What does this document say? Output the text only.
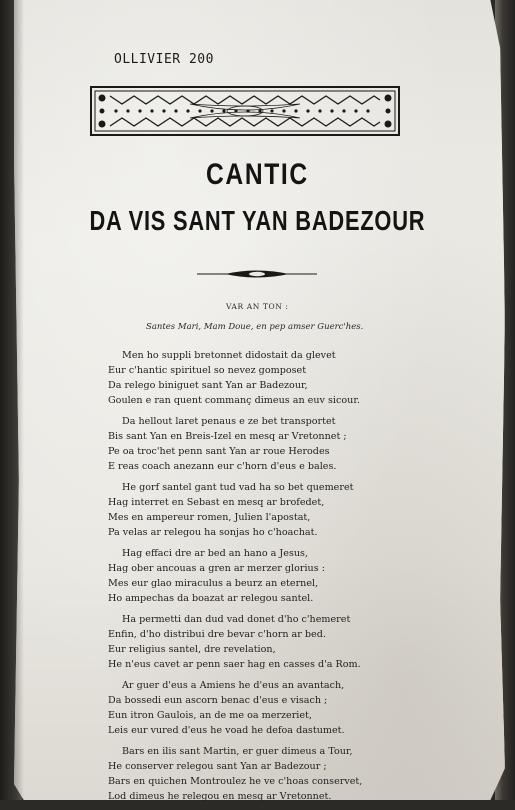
OLLIVIER 200
CANTIC
DA VIS SANT YAN BADEZOUR
VAR AN TON :
Santes Mari, Mam Doue, en pep amser Guerc'hes.
Men ho suppli bretonnet didostait da glevet
Eur c'hantic spirituel so nevez gomposet
Da relego biniguet sant Yan ar Badezour,
Goulen e ran quent commanç dimeus an euv sicour.
Da hellout laret penaus e ze bet transportet
Bis sant Yan en Breis-Izel en mesq ar Vretonnet ;
Pe oa troc'het penn sant Yan ar roue Herodes
E reas coach anezann eur c'horn d'eus e bales.
He gorf santel gant tud vad ha so bet quemeret
Hag interret en Sebast en mesq ar brofedet,
Mes en ampereur romen, Julien l'apostat,
Pa velas ar relegou ha sonjas ho c'hoachat.
Hag effaci dre ar bed an hano a Jesus,
Hag ober ancouas a gren ar merzer glorius :
Mes eur glao miraculus a beurz an eternel,
Ho ampechas da boazat ar relegou santel.
Ha permetti dan dud vad donet d'ho c'hemeret
Enfin, d'ho distribui dre bevar c'horn ar bed.
Eur religius santel, dre revelation,
He n'eus cavet ar penn saer hag en casses d'a Rom.
Ar guer d'eus a Amiens he d'eus an avantach,
Da bossedi eun ascorn benac d'eus e visach ;
Eun itron Gaulois, an de me oa merzeriet,
Leis eur vured d'eus he voad he defoa dastumet.
Bars en ilis sant Martin, er guer dimeus a Tour,
He conserver relegou sant Yan ar Badezour ;
Bars en quichen Montroulez he ve c'hoas conservet,
Lod dimeus he relegou en mesq ar Vretonnet.
